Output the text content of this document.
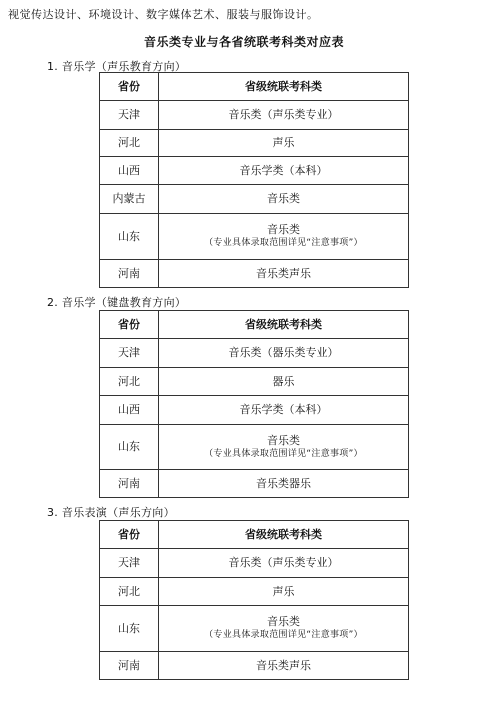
视觉传达设计、环境设计、数字媒体艺术、服装与服饰设计。
音乐类专业与各省统联考科类对应表
1. 音乐学（声乐教育方向）
省份	省级统联考科类
天津	音乐类（声乐类专业）
河北	声乐
山西	音乐学类（本科）
内蒙古	音乐类
山东	音乐类
（专业具体录取范围详见“注意事项”）

河南	音乐类声乐
2. 音乐学（键盘教育方向）
省份	省级统联考科类
天津	音乐类（器乐类专业）
河北	器乐
山西	音乐学类（本科）
山东	音乐类
（专业具体录取范围详见“注意事项”）

河南	音乐类器乐
3. 音乐表演（声乐方向）
省份	省级统联考科类
天津	音乐类（声乐类专业）
河北	声乐
山东	音乐类
（专业具体录取范围详见“注意事项”）

河南	音乐类声乐
